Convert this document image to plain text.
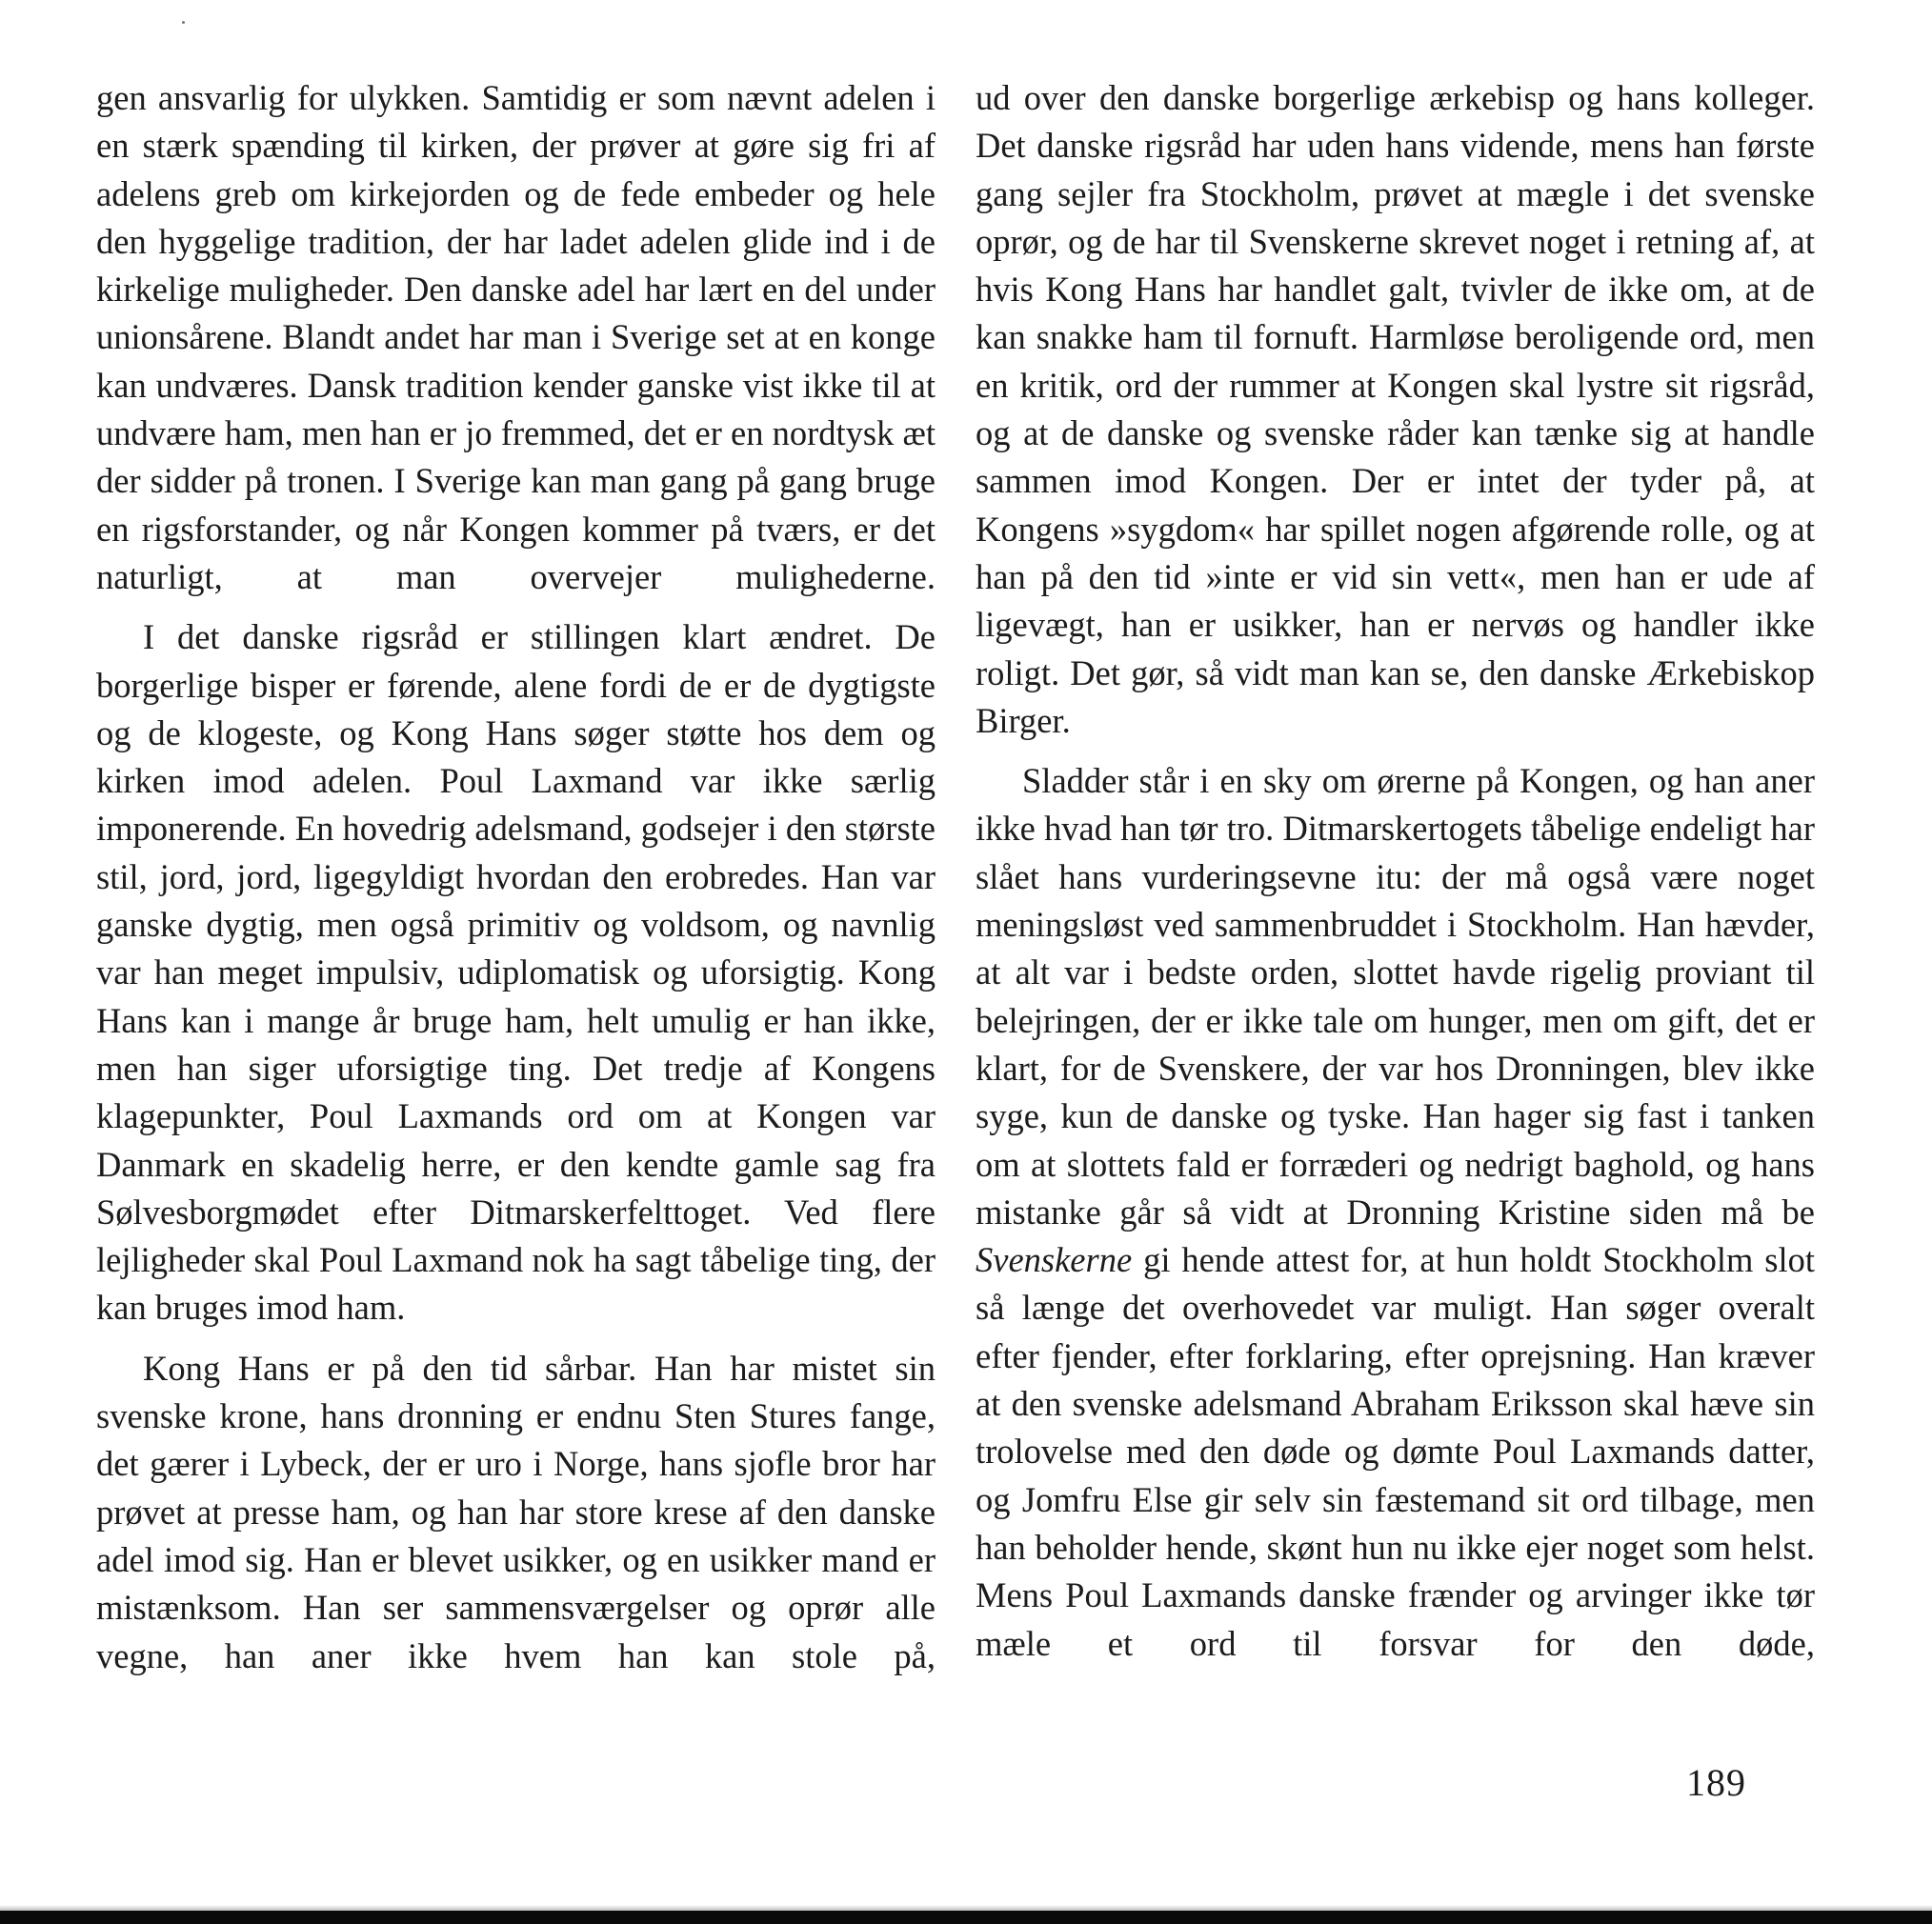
gen ansvarlig for ulykken. Samtidig er som nævnt adelen i en stærk spænding til kirken, der prøver at gøre sig fri af adelens greb om kirkejorden og de fede embeder og hele den hyggelige tradition, der har ladet adelen glide ind i de kirkelige muligheder. Den danske adel har lært en del under unionsårene. Blandt andet har man i Sverige set at en konge kan undværes. Dansk tradition kender ganske vist ikke til at undvære ham, men han er jo fremmed, det er en nordtysk æt der sidder på tronen. I Sverige kan man gang på gang bruge en rigsforstander, og når Kongen kommer på tværs, er det naturligt, at man overvejer mulighederne.

I det danske rigsråd er stillingen klart ændret. De borgerlige bisper er førende, alene fordi de er de dygtigste og de klogeste, og Kong Hans søger støtte hos dem og kirken imod adelen. Poul Laxmand var ikke særlig imponerende. En hovedrig adelsmand, godsejer i den største stil, jord, jord, ligegyldigt hvordan den erobredes. Han var ganske dygtig, men også primitiv og voldsom, og navnlig var han meget impulsiv, udiplomatisk og uforsigtig. Kong Hans kan i mange år bruge ham, helt umulig er han ikke, men han siger uforsigtige ting. Det tredje af Kongens klagepunkter, Poul Laxmands ord om at Kongen var Danmark en skadelig herre, er den kendte gamle sag fra Sølvesborgmødet efter Ditmarskerfelttoget. Ved flere lejligheder skal Poul Laxmand nok ha sagt tåbelige ting, der kan bruges imod ham.

Kong Hans er på den tid sårbar. Han har mistet sin svenske krone, hans dronning er endnu Sten Stures fange, det gærer i Lybeck, der er uro i Norge, hans sjofle bror har prøvet at presse ham, og han har store krese af den danske adel imod sig. Han er blevet usikker, og en usikker mand er mistænksom. Han ser sammensværgelser og oprør alle vegne, han aner ikke hvem han kan stole på,

ud over den danske borgerlige ærkebisp og hans kolleger. Det danske rigsråd har uden hans vidende, mens han første gang sejler fra Stockholm, prøvet at mægle i det svenske oprør, og de har til Svenskerne skrevet noget i retning af, at hvis Kong Hans har handlet galt, tvivler de ikke om, at de kan snakke ham til fornuft. Harmløse beroligende ord, men en kritik, ord der rummer at Kongen skal lystre sit rigsråd, og at de danske og svenske råder kan tænke sig at handle sammen imod Kongen. Der er intet der tyder på, at Kongens »sygdom« har spillet nogen afgørende rolle, og at han på den tid »inte er vid sin vett«, men han er ude af ligevægt, han er usikker, han er nervøs og handler ikke roligt. Det gør, så vidt man kan se, den danske Ærkebiskop Birger.

Sladder står i en sky om ørerne på Kongen, og han aner ikke hvad han tør tro. Ditmarskertogets tåbelige endeligt har slået hans vurderingsevne itu: der må også være noget meningsløst ved sammenbruddet i Stockholm. Han hævder, at alt var i bedste orden, slottet havde rigelig proviant til belejringen, der er ikke tale om hunger, men om gift, det er klart, for de Svenskere, der var hos Dronningen, blev ikke syge, kun de danske og tyske. Han hager sig fast i tanken om at slottets fald er forræderi og nedrigt baghold, og hans mistanke går så vidt at Dronning Kristine siden må be Svenskerne gi hende attest for, at hun holdt Stockholm slot så længe det overhovedet var muligt. Han søger overalt efter fjender, efter forklaring, efter oprejsning. Han kræver at den svenske adelsmand Abraham Eriksson skal hæve sin trolovelse med den døde og dømte Poul Laxmands datter, og Jomfru Else gir selv sin fæstemand sit ord tilbage, men han beholder hende, skønt hun nu ikke ejer noget som helst. Mens Poul Laxmands danske frænder og arvinger ikke tør mæle et ord til forsvar for den døde,

189
